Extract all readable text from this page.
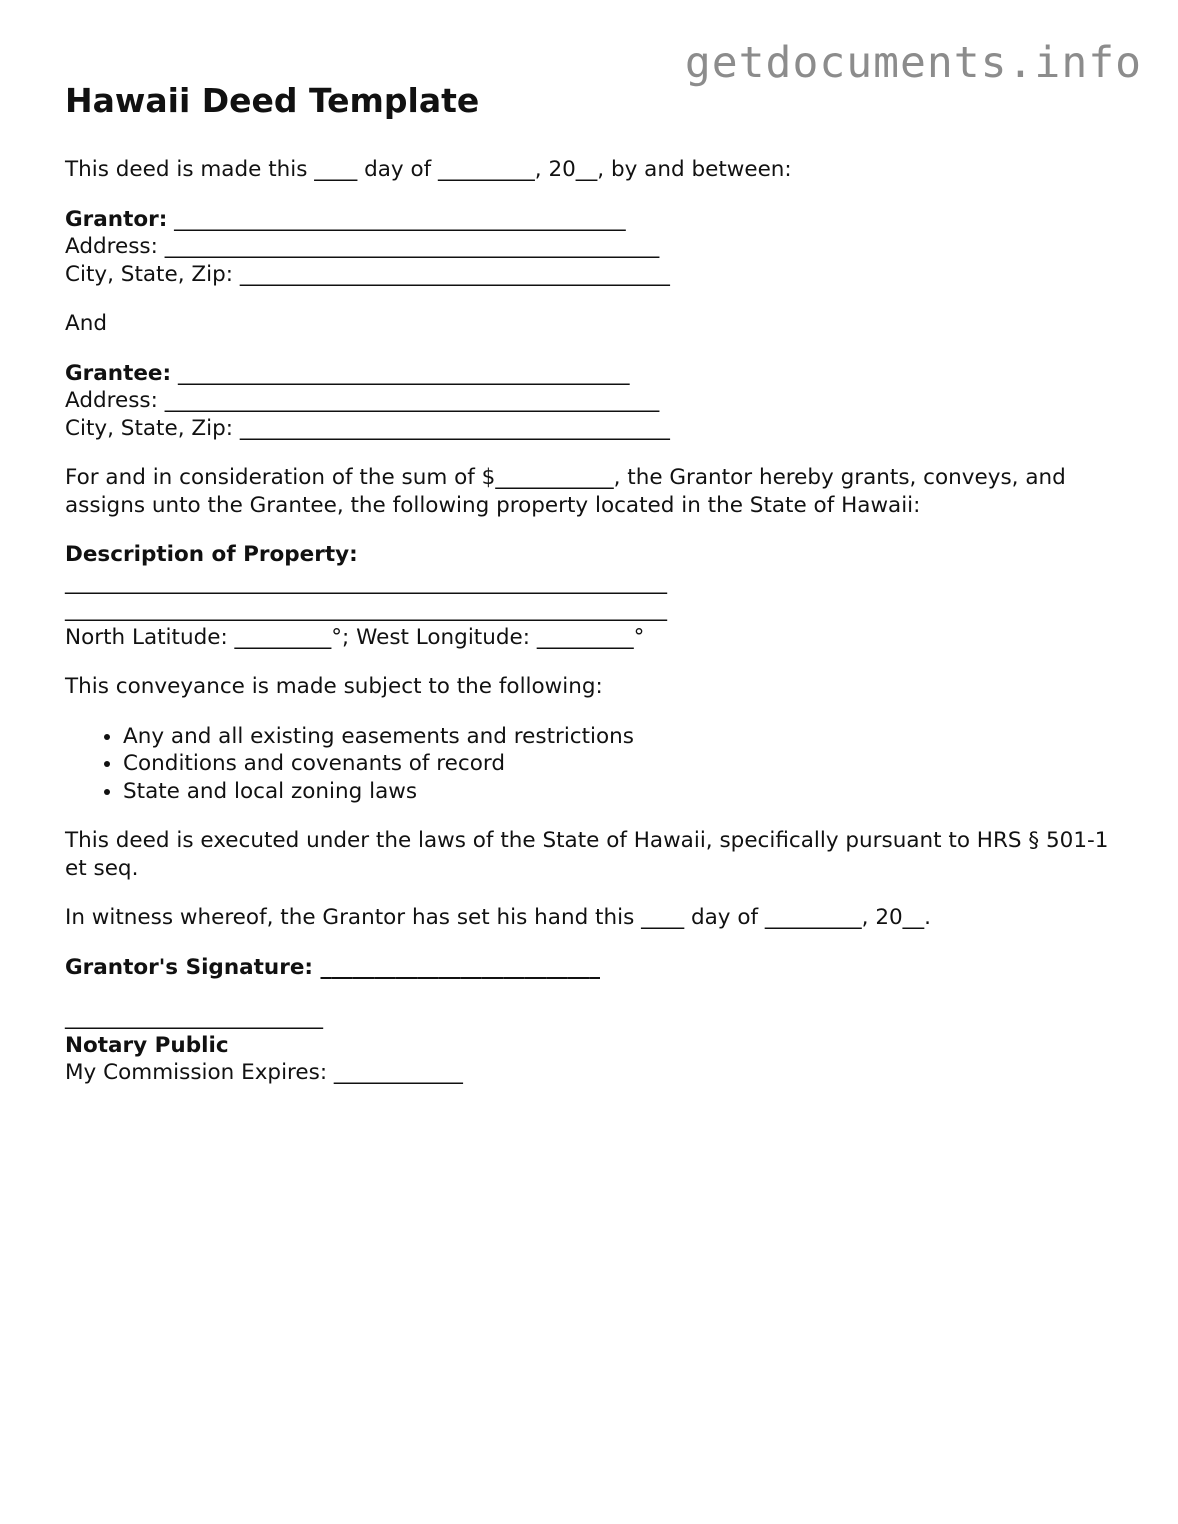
getdocuments.info
Hawaii Deed Template

This deed is made this ____ day of _________, 20__, by and between:

Grantor: __________________________________________

Address: ______________________________________________

City, State, Zip: ________________________________________

And

Grantee: __________________________________________

Address: ______________________________________________

City, State, Zip: ________________________________________

For and in consideration of the sum of $___________, the Grantor hereby grants, conveys, and assigns unto the Grantee, the following property located in the State of Hawaii:

Description of Property:

________________________________________________________

________________________________________________________

North Latitude: _________°; West Longitude: _________°

This conveyance is made subject to the following:

• Any and all existing easements and restrictions
• Conditions and covenants of record
• State and local zoning laws

This deed is executed under the laws of the State of Hawaii, specifically pursuant to HRS § 501-1 et seq.

In witness whereof, the Grantor has set his hand this ____ day of _________, 20__.

Grantor's Signature: __________________________

________________________

Notary Public

My Commission Expires: ____________
